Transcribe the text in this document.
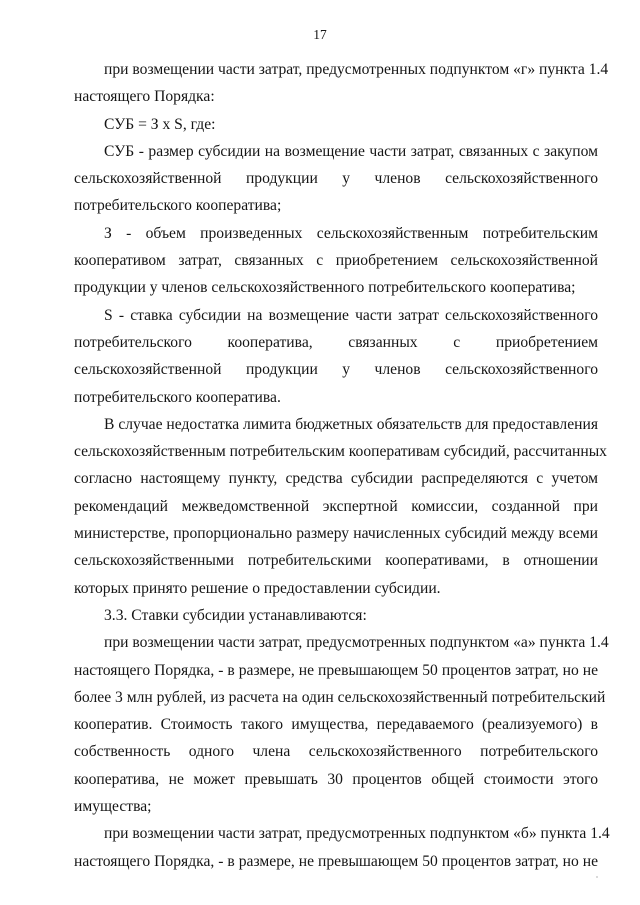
17
при возмещении части затрат, предусмотренных подпунктом «г» пункта 1.4
настоящего Порядка:
СУБ = З x S, где:
СУБ - размер субсидии на возмещение части затрат, связанных с закупом
сельскохозяйственной продукции у членов сельскохозяйственного
потребительского кооператива;
З - объем произведенных сельскохозяйственным потребительским
кооперативом затрат, связанных с приобретением сельскохозяйственной
продукции у членов сельскохозяйственного потребительского кооператива;
S - ставка субсидии на возмещение части затрат сельскохозяйственного
потребительского кооператива, связанных с приобретением
сельскохозяйственной продукции у членов сельскохозяйственного
потребительского кооператива.
В случае недостатка лимита бюджетных обязательств для предоставления
сельскохозяйственным потребительским кооперативам субсидий, рассчитанных
согласно настоящему пункту, средства субсидии распределяются с учетом
рекомендаций межведомственной экспертной комиссии, созданной при
министерстве, пропорционально размеру начисленных субсидий между всеми
сельскохозяйственными потребительскими кооперативами, в отношении
которых принято решение о предоставлении субсидии.
3.3. Ставки субсидии устанавливаются:
при возмещении части затрат, предусмотренных подпунктом «а» пункта 1.4
настоящего Порядка, - в размере, не превышающем 50 процентов затрат, но не
более 3 млн рублей, из расчета на один сельскохозяйственный потребительский
кооператив. Стоимость такого имущества, передаваемого (реализуемого) в
собственность одного члена сельскохозяйственного потребительского
кооператива, не может превышать 30 процентов общей стоимости этого
имущества;
при возмещении части затрат, предусмотренных подпунктом «б» пункта 1.4
настоящего Порядка, - в размере, не превышающем 50 процентов затрат, но не
